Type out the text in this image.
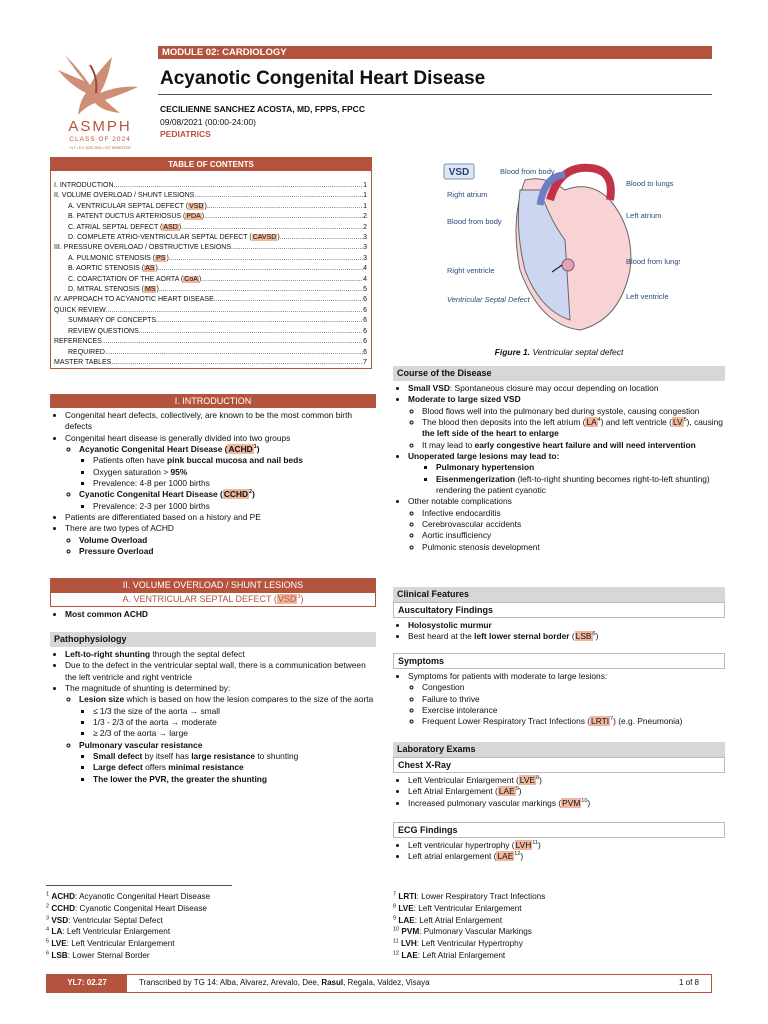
ASMPH
CLASS OF 2024
YL7 • S.Y. 2020-2021 • 1ST SEMESTER
MODULE 02: CARDIOLOGY
Acyanotic Congenital Heart Disease
CECILIENNE SANCHEZ ACOSTA, MD, FPPS, FPCC
09/08/2021 (00:00-24:00)
PEDIATRICS
TABLE OF CONTENTS
I. INTRODUCTION .....	1
II. VOLUME OVERLOAD / SHUNT LESIONS .....	1
A. VENTRICULAR SEPTAL DEFECT (VSD) .....	1
B. PATENT DUCTUS ARTERIOSUS (PDA) .....	2
C. ATRIAL SEPTAL DEFECT (ASD) .....	2
D. COMPLETE ATRIO-VENTRICULAR SEPTAL DEFECT (CAVSD) .....	3
III. PRESSURE OVERLOAD / OBSTRUCTIVE LESIONS .....	3
A. PULMONIC STENOSIS (PS) .....	3
B. AORTIC STENOSIS (AS) .....	4
C. COARCTATION OF THE AORTA (CoA) .....	4
D. MITRAL STENOSIS (MS) .....	5
IV. APPROACH TO ACYANOTIC HEART DISEASE .....	6
QUICK REVIEW .....	6
SUMMARY OF CONCEPTS .....	6
REVIEW QUESTIONS .....	6
REFERENCES .....	6
REQUIRED .....	6
MASTER TABLES .....	7
I. INTRODUCTION
• Congenital heart defects, collectively, are known to be the most common birth defects
• Congenital heart disease is generally divided into two groups
◦ Acyanotic Congenital Heart Disease (ACHD$^1$)
▪ Patients often have pink buccal mucosa and nail beds
▪ Oxygen saturation > 95%
▪ Prevalence: 4-8 per 1000 births
◦ Cyanotic Congenital Heart Disease (CCHD$^2$)
▪ Prevalence: 2-3 per 1000 births
• Patients are differentiated based on a history and PE
• There are two types of ACHD
◦ Volume Overload
◦ Pressure Overload
II. VOLUME OVERLOAD / SHUNT LESIONS
A. VENTRICULAR SEPTAL DEFECT (VSD$^3$)
• Most common ACHD
Pathophysiology
• Left-to-right shunting through the septal defect
• Due to the defect in the ventricular septal wall, there is a communication between the left ventricle and right ventricle
• The magnitude of shunting is determined by:
◦ Lesion size which is based on how the lesion compares to the size of the aorta
▪ ≤ 1/3 the size of the aorta → small
▪ 1/3 - 2/3 of the aorta → moderate
▪ ≥ 2/3 of the aorta → large
◦ Pulmonary vascular resistance
▪ Small defect by itself has large resistance to shunting
▪ Large defect offers minimal resistance
▪ The lower the PVR, the greater the shunting
VSD
Right atrium
Blood from body
Right ventricle
Ventricular Septal Defect
Blood from body
Blood to lungs
Left atrium
Blood from lungs
Left ventricle
Figure 1. Ventricular septal defect
Course of the Disease
• Small VSD: Spontaneous closure may occur depending on location
• Moderate to large sized VSD
◦ Blood flows well into the pulmonary bed during systole, causing congestion
◦ The blood then deposits into the left atrium $(LA^4)$ and left ventricle $(LV^5)$, causing the left side of the heart to enlarge
◦ It may lead to early congestive heart failure and will need intervention
• Unoperated large lesions may lead to:
▪ Pulmonary hypertension
▪ Eisenmengerization (left-to-right shunting becomes right-to-left shunting) rendering the patient cyanotic
• Other notable complications
◦ Infective endocarditis
◦ Cerebrovascular accidents
◦ Aortic insufficiency
◦ Pulmonic stenosis development
Clinical Features
Auscultatory Findings
• Holosystolic murmur
• Best heard at the left lower sternal border (LSB$^6$)
Symptoms
• Symptoms for patients with moderate to large lesions:
◦ Congestion
◦ Failure to thrive
◦ Exercise intolerance
◦ Frequent Lower Respiratory Tract Infections (LRTI$^7$) (e.g. Pneumonia)
Laboratory Exams
Chest X-Ray
• Left Ventricular Enlargement (LVE$^8$)
• Left Atrial Enlargement (LAE$^9$)
• Increased pulmonary vascular markings (PVM$^{10}$)
ECG Findings
• Left ventricular hypertrophy (LVH$^{11}$)
• Left atrial enlargement (LAE$^{12}$)
$^1$ ACHD: Acyanotic Congenital Heart Disease
$^2$ CCHD: Cyanotic Congenital Heart Disease
$^3$ VSD: Ventricular Septal Defect
$^4$ LA: Left Ventricular Enlargement
$^5$ LVE: Left Ventricular Enlargement
$^6$ LSB: Lower Sternal Border
$^7$ LRTI: Lower Respiratory Tract Infections
$^8$ LVE: Left Ventricular Enlargement
$^9$ LAE: Left Atrial Enlargement
$^{10}$ PVM: Pulmonary Vascular Markings
$^{11}$ LVH: Left Ventricular Hypertrophy
$^{12}$ LAE: Left Atrial Enlargement
YL7: 02.27	Transcribed by TG 14: Alba, Alvarez, Arevalo, Dee, Rasul, Regala, Valdez, Visaya	1 of 8
